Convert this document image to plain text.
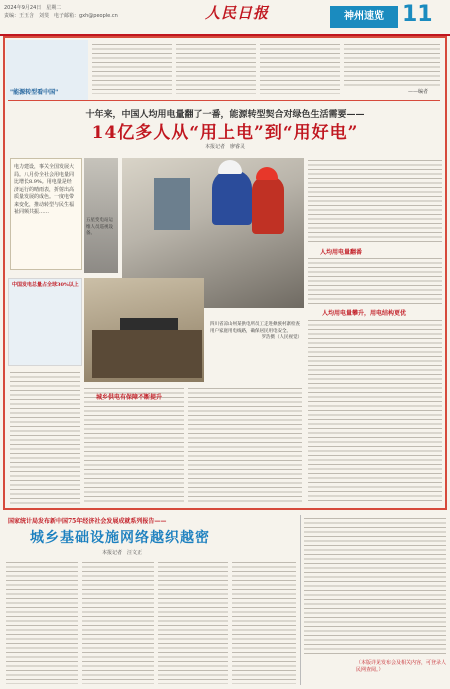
2024年9月24日　星期二
责编：王玉含　刘斐　电子邮箱：gxh@people.cn	人民日报	神州速览 11
"能源转型看中国"	——编者
十年来，中国人均用电量翻了一番，能源转型契合对绿色生活需要——
14亿多人从“用上电”到“用好电”
本报记者　廖睿灵
电力建设，事关全国发展大局。八月份全社会用电量同比增长8.9%。用电量是经济运行的晴雨表，折射出高质量发展的成色。一度电带来变化，推动转型与民生福祉同频共振……
五星变电站运维人员巡视设备。
人均用电量翻番
人均用电量攀升，用电结构更优
中国发电总量占全球30%以上
四川省凉山州某供电所员工走进彝族村寨检查用户家庭用电线路，确保居民用电安全。
罗浩摄（人民视觉）
城乡供电有保障不断提升
国家统计局发布新中国75年经济社会发展成就系列报告——
城乡基础设施网络越织越密
本报记者　汪文正
（本版详见发布会及相关内容，可登录人民网查阅。）
